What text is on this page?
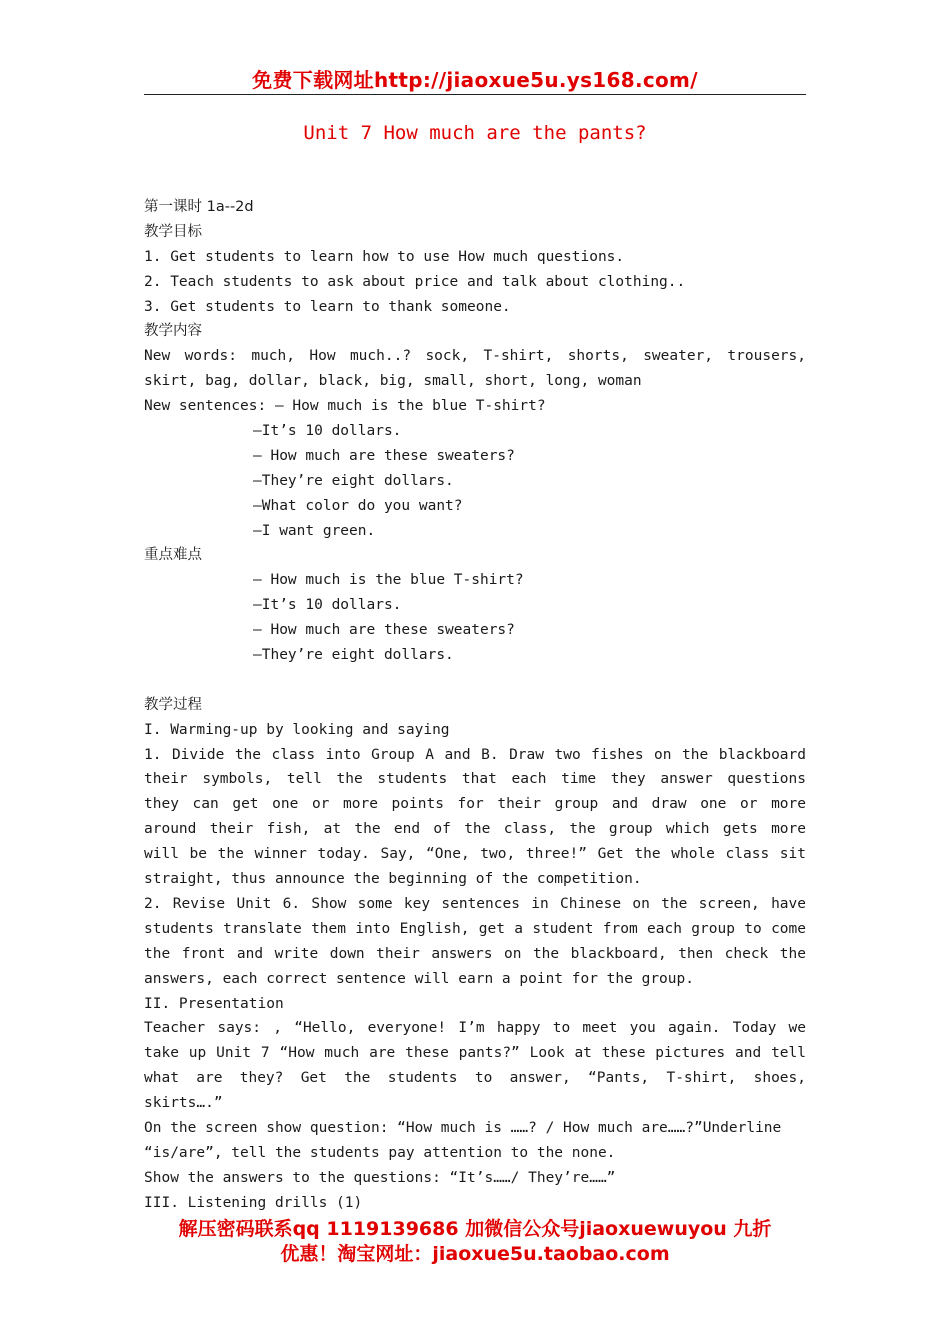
免费下载网址http://jiaoxue5u.ys168.com/
Unit 7 How much are the pants?
第一课时 1a--2d
教学目标
1. Get students to learn how to use How much questions.
2. Teach students to ask about price and talk about clothing..
3. Get students to learn to thank someone.
教学内容
New words: much, How much..? sock, T-shirt, shorts, sweater, trousers,
skirt, bag, dollar, black, big, small, short, long, woman
New sentences: — How much is the blue T-shirt?
—It’s 10 dollars.
— How much are these sweaters?
—They’re eight dollars.
—What color do you want?
—I want green.
重点难点
— How much is the blue T-shirt?
—It’s 10 dollars.
— How much are these sweaters?
—They’re eight dollars.
教学过程
I. Warming-up by looking and saying
1. Divide the class into Group A and B. Draw two fishes on the blackboard
their symbols, tell the students that each time they answer questions
they can get one or more points for their group and draw one or more
around their fish, at the end of the class, the group which gets more
will be the winner today. Say, “One, two, three!” Get the whole class sit
straight, thus announce the beginning of the competition.
2. Revise Unit 6. Show some key sentences in Chinese on the screen, have
students translate them into English, get a student from each group to come
the front and write down their answers on the blackboard, then check the
answers, each correct sentence will earn a point for the group.
II. Presentation
Teacher says: , “Hello, everyone! I’m happy to meet you again. Today we
take up Unit 7 “How much are these pants?” Look at these pictures and tell
what are they? Get the students to answer, “Pants, T-shirt, shoes,
skirts….”
On the screen show question: “How much is ……? / How much are……?”Underline
“is/are”, tell the students pay attention to the none.
Show the answers to the questions: “It’s……/ They’re……”
III. Listening drills (1)
解压密码联系qq 1119139686 加微信公众号jiaoxuewuyou 九折
优惠！淘宝网址：jiaoxue5u.taobao.com
